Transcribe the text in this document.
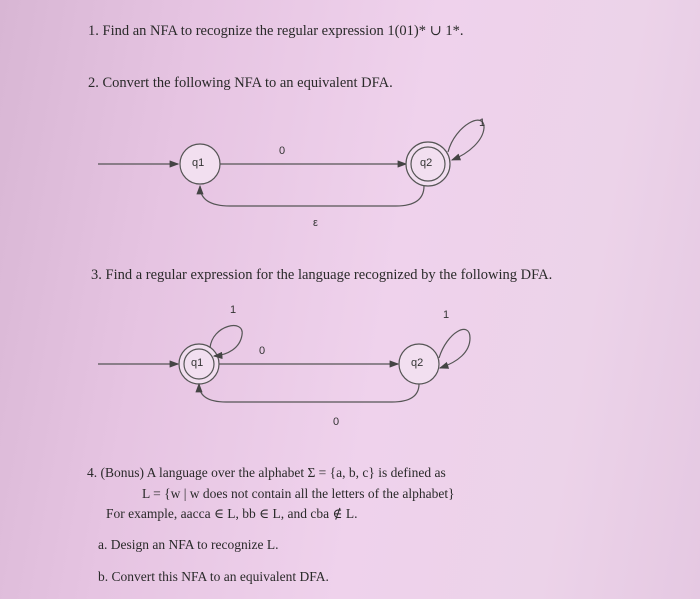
1. Find an NFA to recognize the regular expression 1(01)* ∪ 1*.
2. Convert the following NFA to an equivalent DFA.
3. Find a regular expression for the language recognized by the following DFA.
4. (Bonus) A language over the alphabet Σ = {a, b, c} is defined as
L = {w | w does not contain all the letters of the alphabet}
For example, aacca ∈ L, bb ∈ L, and cba ∉ L.
a. Design an NFA to recognize L.
b. Convert this NFA to an equivalent DFA.
q1	q2
0
1
ε
q1	q2
1
0
1
0
